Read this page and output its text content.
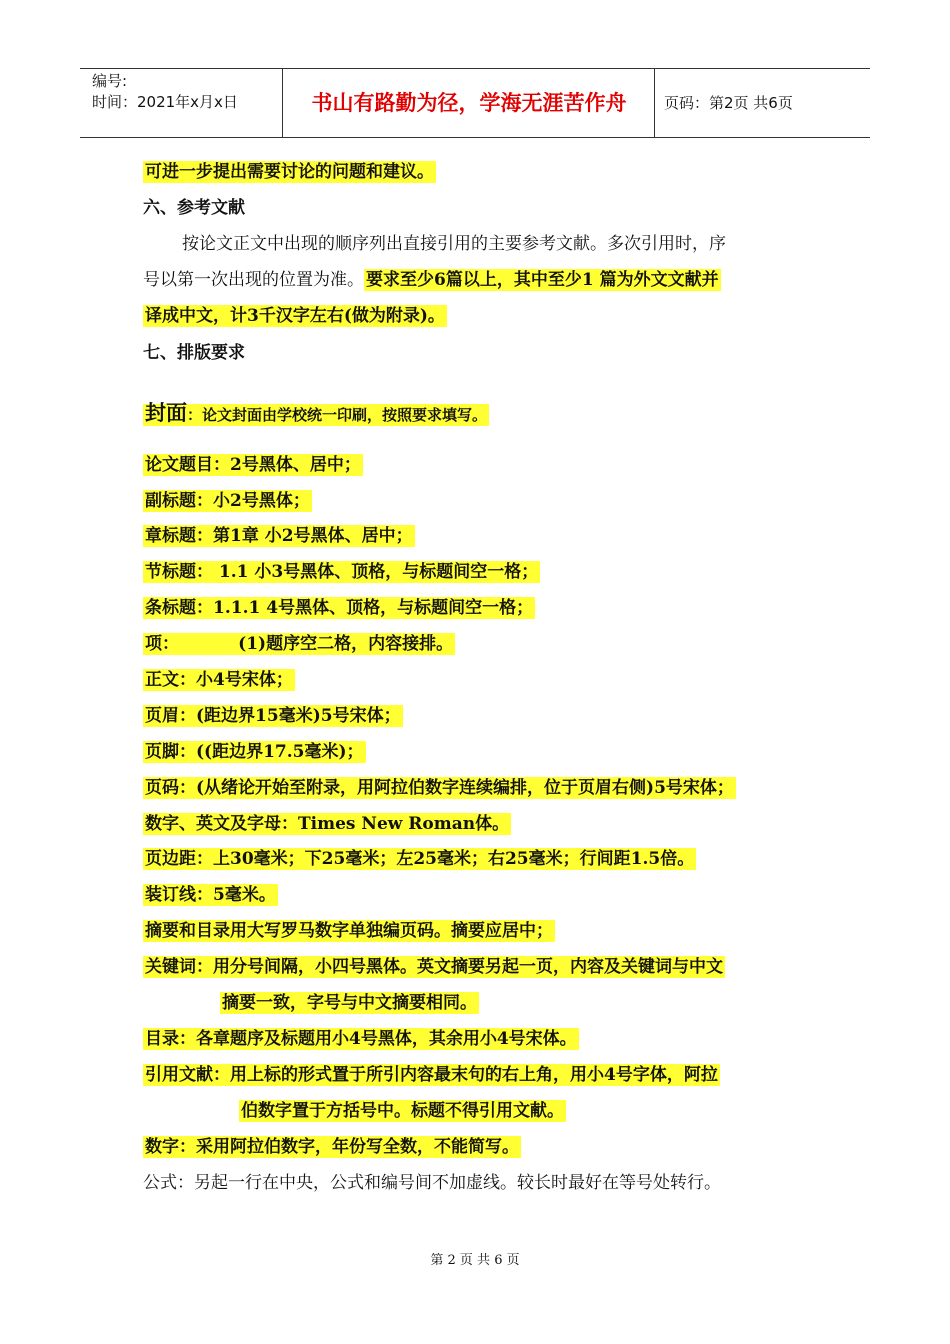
编号:
时间：2021年x月x日	书山有路勤为径，学海无涯苦作舟	页码：第2页 共6页
可进一步提出需要讨论的问题和建议。
六、参考文献
按论文正文中出现的顺序列出直接引用的主要参考文献。多次引用时，序
号以第一次出现的位置为准。 要求至少6篇以上，其中至少1 篇为外文文献并
译成中文，计3千汉字左右(做为附录)。
七、排版要求
封面：论文封面由学校统一印刷，按照要求填写。
论文题目：2号黑体、居中；
副标题：小2号黑体；
章标题：第1章 小2号黑体、居中；
节标题： 1.1 小3号黑体、顶格，与标题间空一格；
条标题：1.1.1 4号黑体、顶格，与标题间空一格；
项：          (1)题序空二格，内容接排。
正文：小4号宋体；
页眉：(距边界15毫米)5号宋体；
页脚：((距边界17.5毫米)；
页码：(从绪论开始至附录，用阿拉伯数字连续编排，位于页眉右侧)5号宋体；
数字、英文及字母：Times New Roman体。
页边距：上30毫米；下25毫米；左25毫米；右25毫米；行间距1.5倍。
装订线：5毫米。
摘要和目录用大写罗马数字单独编页码。摘要应居中；
关键词：用分号间隔，小四号黑体。英文摘要另起一页，内容及关键词与中文
摘要一致，字号与中文摘要相同。
目录：各章题序及标题用小4号黑体，其余用小4号宋体。
引用文献：用上标的形式置于所引内容最末句的右上角，用小4号字体，阿拉
伯数字置于方括号中。标题不得引用文献。
数字：采用阿拉伯数字，年份写全数，不能简写。
公式：另起一行在中央，公式和编号间不加虚线。较长时最好在等号处转行。
第 2 页 共 6 页
